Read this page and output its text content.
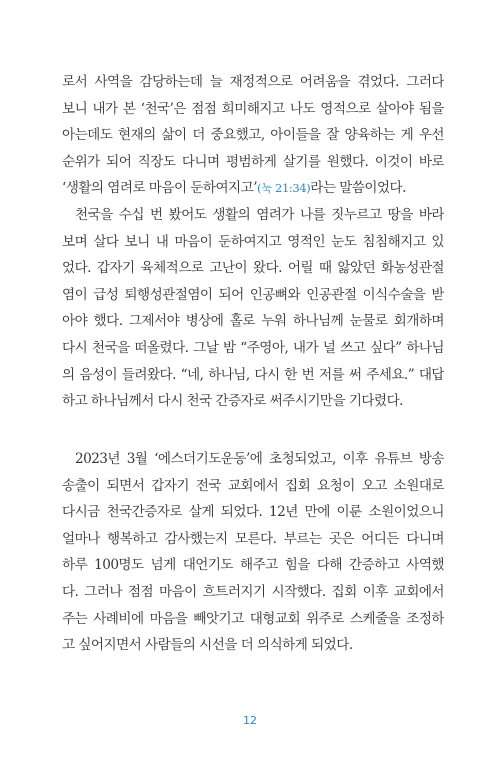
로서 사역을 감당하는데 늘 재정적으로 어려움을 겪었다. 그러다
보니 내가 본 ‘천국’은 점점 희미해지고 나도 영적으로 살아야 됨을
아는데도 현재의 삶이 더 중요했고, 아이들을 잘 양육하는 게 우선
순위가 되어 직장도 다니며 평범하게 살기를 원했다. 이것이 바로
‘생활의 염려로 마음이 둔하여지고’(눅 21:34)라는 말씀이었다.
천국을 수십 번 봤어도 생활의 염려가 나를 짓누르고 땅을 바라
보며 살다 보니 내 마음이 둔하여지고 영적인 눈도 침침해지고 있
었다. 갑자기 육체적으로 고난이 왔다. 어릴 때 앓았던 화농성관절
염이 급성 퇴행성관절염이 되어 인공뼈와 인공관절 이식수술을 받
아야 했다. 그제서야 병상에 홀로 누워 하나님께 눈물로 회개하며
다시 천국을 떠올렸다. 그날 밤 “주영아, 내가 널 쓰고 싶다” 하나님
의 음성이 들려왔다. “네, 하나님, 다시 한 번 저를 써 주세요.” 대답
하고 하나님께서 다시 천국 간증자로 써주시기만을 기다렸다.
2023년 3월 ‘에스더기도운동’에 초청되었고, 이후 유튜브 방송
송출이 되면서 갑자기 전국 교회에서 집회 요청이 오고 소원대로
다시금 천국간증자로 살게 되었다. 12년 만에 이룬 소원이었으니
얼마나 행복하고 감사했는지 모른다. 부르는 곳은 어디든 다니며
하루 100명도 넘게 대언기도 해주고 힘을 다해 간증하고 사역했
다. 그러나 점점 마음이 흐트러지기 시작했다. 집회 이후 교회에서
주는 사례비에 마음을 빼앗기고 대형교회 위주로 스케줄을 조정하
고 싶어지면서 사람들의 시선을 더 의식하게 되었다.
12
